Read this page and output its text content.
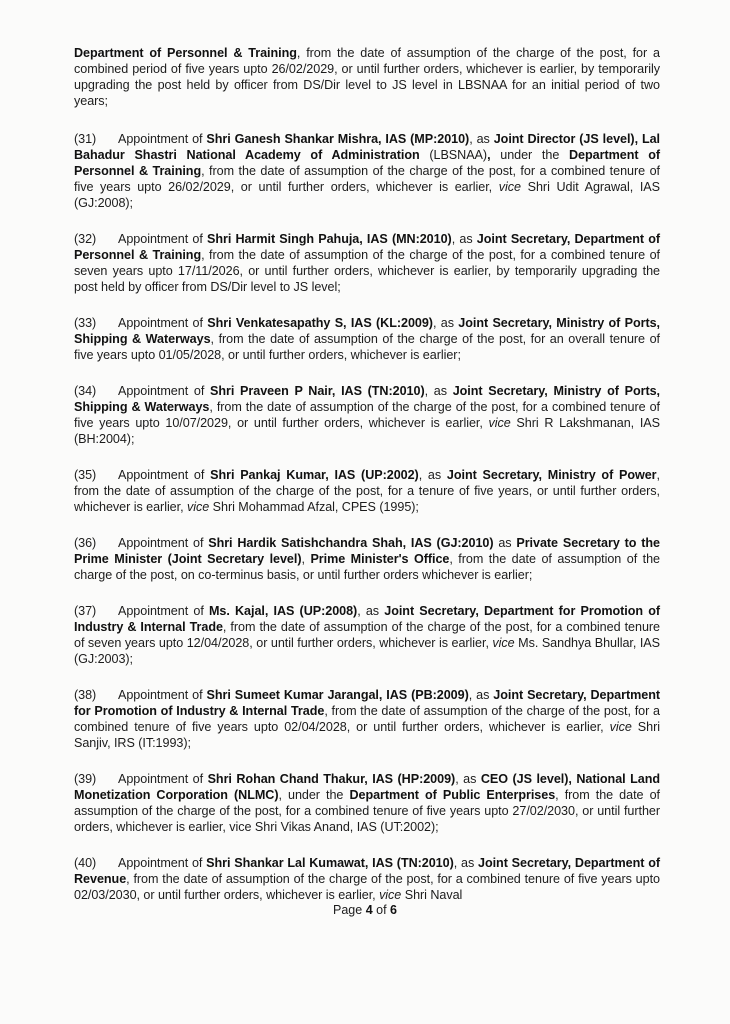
Department of Personnel & Training, from the date of assumption of the charge of the post, for a combined period of five years upto 26/02/2029, or until further orders, whichever is earlier, by temporarily upgrading the post held by officer from DS/Dir level to JS level in LBSNAA for an initial period of two years;

(31) Appointment of Shri Ganesh Shankar Mishra, IAS (MP:2010), as Joint Director (JS level), Lal Bahadur Shastri National Academy of Administration (LBSNAA), under the Department of Personnel & Training, from the date of assumption of the charge of the post, for a combined tenure of five years upto 26/02/2029, or until further orders, whichever is earlier, vice Shri Udit Agrawal, IAS (GJ:2008);

(32) Appointment of Shri Harmit Singh Pahuja, IAS (MN:2010), as Joint Secretary, Department of Personnel & Training, from the date of assumption of the charge of the post, for a combined tenure of seven years upto 17/11/2026, or until further orders, whichever is earlier, by temporarily upgrading the post held by officer from DS/Dir level to JS level;

(33) Appointment of Shri Venkatesapathy S, IAS (KL:2009), as Joint Secretary, Ministry of Ports, Shipping & Waterways, from the date of assumption of the charge of the post, for an overall tenure of five years upto 01/05/2028, or until further orders, whichever is earlier;

(34) Appointment of Shri Praveen P Nair, IAS (TN:2010), as Joint Secretary, Ministry of Ports, Shipping & Waterways, from the date of assumption of the charge of the post, for a combined tenure of five years upto 10/07/2029, or until further orders, whichever is earlier, vice Shri R Lakshmanan, IAS (BH:2004);

(35) Appointment of Shri Pankaj Kumar, IAS (UP:2002), as Joint Secretary, Ministry of Power, from the date of assumption of the charge of the post, for a tenure of five years, or until further orders, whichever is earlier, vice Shri Mohammad Afzal, CPES (1995);

(36) Appointment of Shri Hardik Satishchandra Shah, IAS (GJ:2010) as Private Secretary to the Prime Minister (Joint Secretary level), Prime Minister's Office, from the date of assumption of the charge of the post, on co-terminus basis, or until further orders whichever is earlier;

(37) Appointment of Ms. Kajal, IAS (UP:2008), as Joint Secretary, Department for Promotion of Industry & Internal Trade, from the date of assumption of the charge of the post, for a combined tenure of seven years upto 12/04/2028, or until further orders, whichever is earlier, vice Ms. Sandhya Bhullar, IAS (GJ:2003);

(38) Appointment of Shri Sumeet Kumar Jarangal, IAS (PB:2009), as Joint Secretary, Department for Promotion of Industry & Internal Trade, from the date of assumption of the charge of the post, for a combined tenure of five years upto 02/04/2028, or until further orders, whichever is earlier, vice Shri Sanjiv, IRS (IT:1993);

(39) Appointment of Shri Rohan Chand Thakur, IAS (HP:2009), as CEO (JS level), National Land Monetization Corporation (NLMC), under the Department of Public Enterprises, from the date of assumption of the charge of the post, for a combined tenure of five years upto 27/02/2030, or until further orders, whichever is earlier, vice Shri Vikas Anand, IAS (UT:2002);

(40) Appointment of Shri Shankar Lal Kumawat, IAS (TN:2010), as Joint Secretary, Department of Revenue, from the date of assumption of the charge of the post, for a combined tenure of five years upto 02/03/2030, or until further orders, whichever is earlier, vice Shri Naval

Page 4 of 6
